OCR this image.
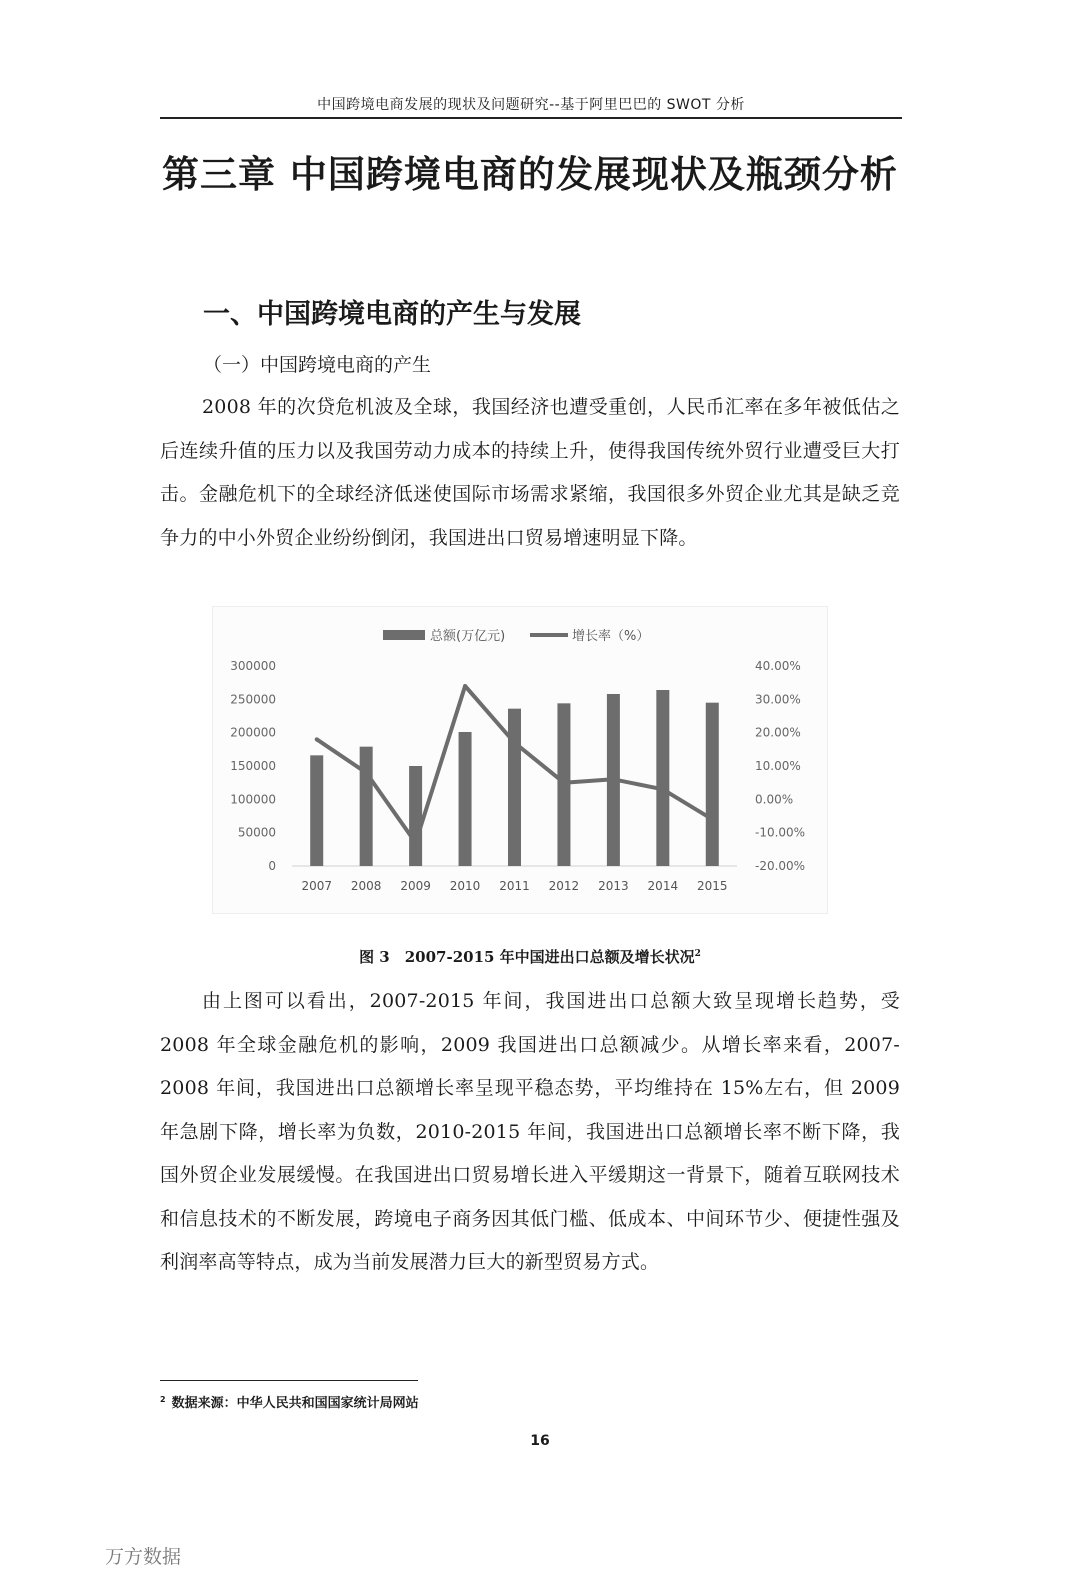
中国跨境电商发展的现状及问题研究--基于阿里巴巴的 SWOT 分析
第三章 中国跨境电商的发展现状及瓶颈分析
一、中国跨境电商的产生与发展
（一）中国跨境电商的产生

2008 年的次贷危机波及全球，我国经济也遭受重创，人民币汇率在多年被低估之后连续升值的压力以及我国劳动力成本的持续上升，使得我国传统外贸行业遭受巨大打击。金融危机下的全球经济低迷使国际市场需求紧缩，我国很多外贸企业尤其是缺乏竞争力的中小外贸企业纷纷倒闭，我国进出口贸易增速明显下降。

总额(万亿元)	增长率（%）
300000
250000
200000
150000
100000
50000
0
40.00%
30.00%
20.00%
10.00%
0.00%
-10.00%
-20.00%
2007 2008 2009 2010 2011 2012 2013 2014 2015
图 3　2007-2015 年中国进出口总额及增长状况$^2$

由上图可以看出，2007-2015 年间，我国进出口总额大致呈现增长趋势，受 2008 年全球金融危机的影响，2009 我国进出口总额减少。从增长率来看，2007-2008 年间，我国进出口总额增长率呈现平稳态势，平均维持在 15%左右，但 2009 年急剧下降，增长率为负数，2010-2015 年间，我国进出口总额增长率不断下降，我国外贸企业发展缓慢。在我国进出口贸易增长进入平缓期这一背景下，随着互联网技术和信息技术的不断发展，跨境电子商务因其低门槛、低成本、中间环节少、便捷性强及利润率高等特点，成为当前发展潜力巨大的新型贸易方式。

$^2$ 数据来源：中华人民共和国国家统计局网站
16
万方数据
